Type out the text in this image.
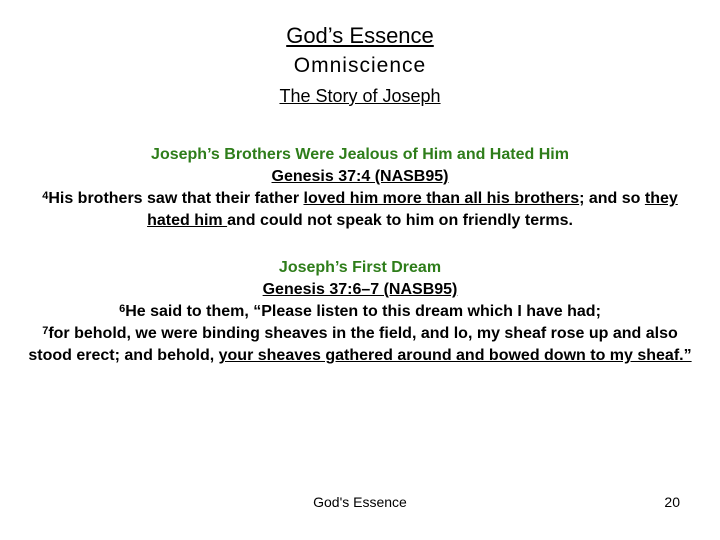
God’s Essence
Omniscience
The Story of Joseph
Joseph’s Brothers Were Jealous of Him and Hated Him
Genesis 37:4 (NASB95)
$^4$His brothers saw that their father loved him more than all his brothers; and so they hated him and could not speak to him on friendly terms.
Joseph’s First Dream
Genesis 37:6–7 (NASB95)
$^6$He said to them, “Please listen to this dream which I have had;
$^7$for behold, we were binding sheaves in the field, and lo, my sheaf rose up and also stood erect; and behold, your sheaves gathered around and bowed down to my sheaf.”
God's Essence	20
